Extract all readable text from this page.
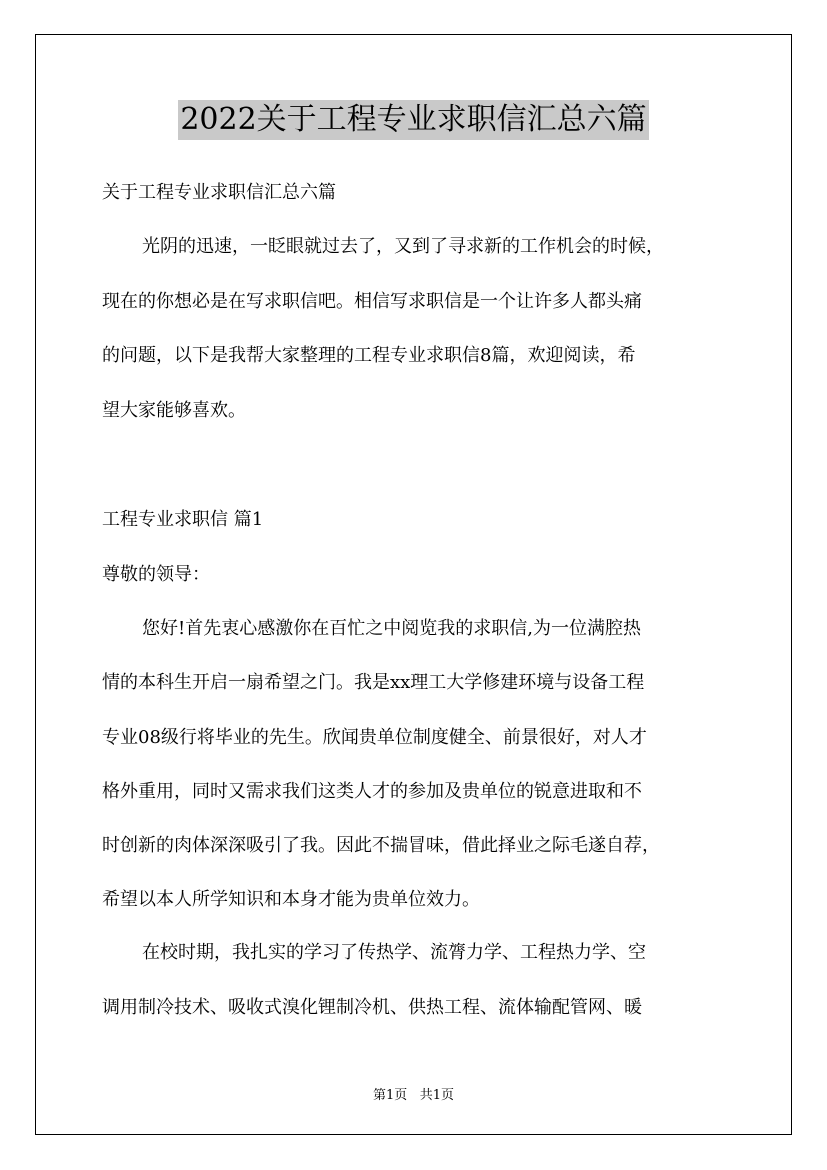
2022关于工程专业求职信汇总六篇
关于工程专业求职信汇总六篇
光阴的迅速，一眨眼就过去了，又到了寻求新的工作机会的时候，
现在的你想必是在写求职信吧。相信写求职信是一个让许多人都头痛
的问题，以下是我帮大家整理的工程专业求职信8篇，欢迎阅读，希
望大家能够喜欢。
工程专业求职信 篇1
尊敬的领导：
您好!首先衷心感激你在百忙之中阅览我的求职信,为一位满腔热
情的本科生开启一扇希望之门。我是xx理工大学修建环境与设备工程
专业08级行将毕业的先生。欣闻贵单位制度健全、前景很好，对人才
格外重用，同时又需求我们这类人才的参加及贵单位的锐意进取和不
时创新的肉体深深吸引了我。因此不揣冒味，借此择业之际毛遂自荐，
希望以本人所学知识和本身才能为贵单位效力。
在校时期，我扎实的学习了传热学、流膂力学、工程热力学、空
调用制冷技术、吸收式溴化锂制冷机、供热工程、流体输配管网、暖
第1页 共1页
